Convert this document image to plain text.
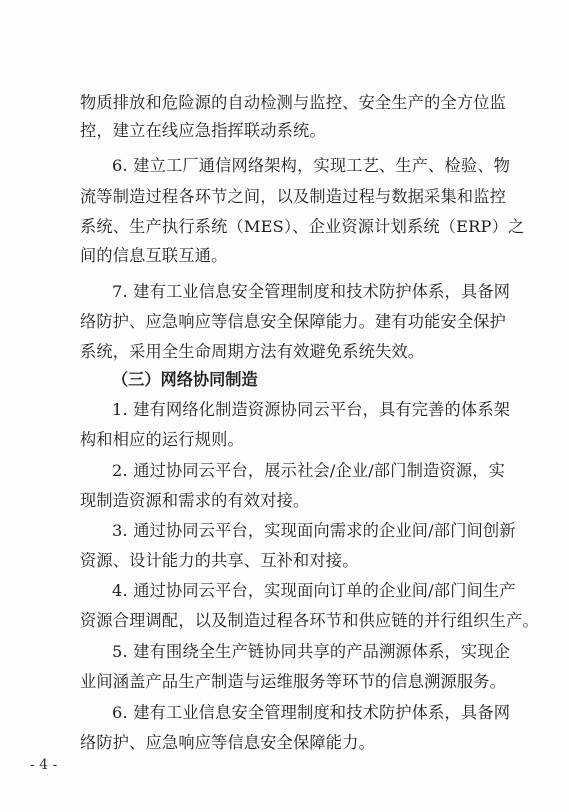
物质排放和危险源的自动检测与监控、安全生产的全方位监
控，建立在线应急指挥联动系统。
6. 建立工厂通信网络架构，实现工艺、生产、检验、物
流等制造过程各环节之间，以及制造过程与数据采集和监控
系统、生产执行系统（MES）、企业资源计划系统（ERP）之
间的信息互联互通。
7. 建有工业信息安全管理制度和技术防护体系，具备网
络防护、应急响应等信息安全保障能力。建有功能安全保护
系统，采用全生命周期方法有效避免系统失效。
（三）网络协同制造
1. 建有网络化制造资源协同云平台，具有完善的体系架
构和相应的运行规则。
2. 通过协同云平台，展示社会/企业/部门制造资源，实
现制造资源和需求的有效对接。
3. 通过协同云平台，实现面向需求的企业间/部门间创新
资源、设计能力的共享、互补和对接。
4. 通过协同云平台，实现面向订单的企业间/部门间生产
资源合理调配，以及制造过程各环节和供应链的并行组织生产。
5. 建有围绕全生产链协同共享的产品溯源体系，实现企
业间涵盖产品生产制造与运维服务等环节的信息溯源服务。
6. 建有工业信息安全管理制度和技术防护体系，具备网
络防护、应急响应等信息安全保障能力。
- 4 -
